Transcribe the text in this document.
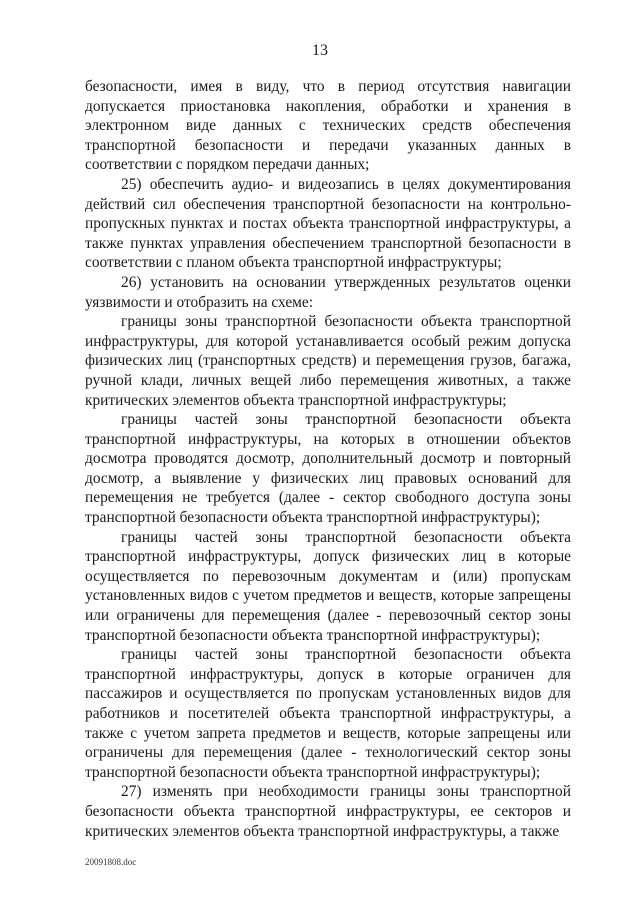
13

безопасности, имея в виду, что в период отсутствия навигации допускается приостановка накопления, обработки и хранения в электронном виде данных с технических средств обеспечения транспортной безопасности и передачи указанных данных в соответствии с порядком передачи данных;

25) обеспечить аудио- и видеозапись в целях документирования действий сил обеспечения транспортной безопасности на контрольно-пропускных пунктах и постах объекта транспортной инфраструктуры, а также пунктах управления обеспечением транспортной безопасности в соответствии с планом объекта транспортной инфраструктуры;

26) установить на основании утвержденных результатов оценки уязвимости и отобразить на схеме:

границы зоны транспортной безопасности объекта транспортной инфраструктуры, для которой устанавливается особый режим допуска физических лиц (транспортных средств) и перемещения грузов, багажа, ручной клади, личных вещей либо перемещения животных, а также критических элементов объекта транспортной инфраструктуры;

границы частей зоны транспортной безопасности объекта транспортной инфраструктуры, на которых в отношении объектов досмотра проводятся досмотр, дополнительный досмотр и повторный досмотр, а выявление у физических лиц правовых оснований для перемещения не требуется (далее - сектор свободного доступа зоны транспортной безопасности объекта транспортной инфраструктуры);

границы частей зоны транспортной безопасности объекта транспортной инфраструктуры, допуск физических лиц в которые осуществляется по перевозочным документам и (или) пропускам установленных видов с учетом предметов и веществ, которые запрещены или ограничены для перемещения (далее - перевозочный сектор зоны транспортной безопасности объекта транспортной инфраструктуры);

границы частей зоны транспортной безопасности объекта транспортной инфраструктуры, допуск в которые ограничен для пассажиров и осуществляется по пропускам установленных видов для работников и посетителей объекта транспортной инфраструктуры, а также с учетом запрета предметов и веществ, которые запрещены или ограничены для перемещения (далее - технологический сектор зоны транспортной безопасности объекта транспортной инфраструктуры);

27) изменять при необходимости границы зоны транспортной безопасности объекта транспортной инфраструктуры, ее секторов и критических элементов объекта транспортной инфраструктуры, а также

20091808.doc
